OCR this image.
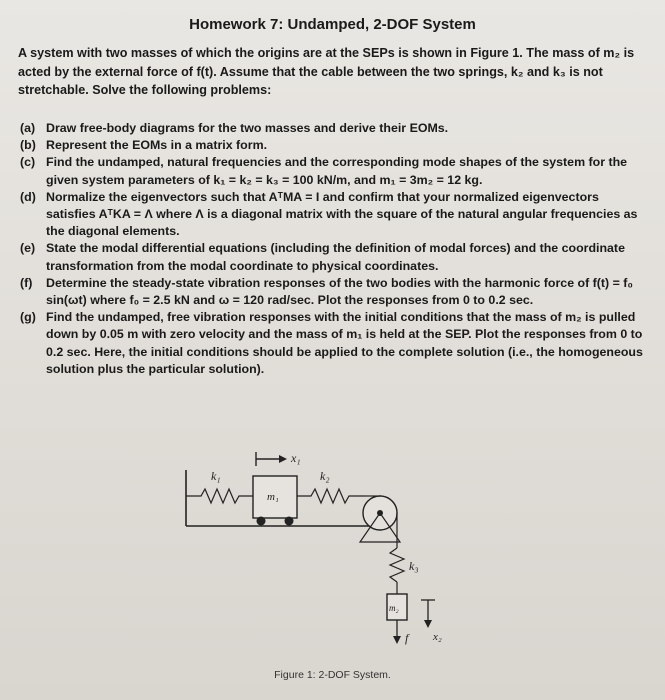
Homework 7: Undamped, 2-DOF System
A system with two masses of which the origins are at the SEPs is shown in Figure 1. The mass of m₂ is acted by the external force of f(t). Assume that the cable between the two springs, k₂ and k₃ is not stretchable. Solve the following problems:
(a) Draw free-body diagrams for the two masses and derive their EOMs.
(b) Represent the EOMs in a matrix form.
(c) Find the undamped, natural frequencies and the corresponding mode shapes of the system for the given system parameters of k₁ = k₂ = k₃ = 100 kN/m, and m₁ = 3m₂ = 12 kg.
(d) Normalize the eigenvectors such that AᵀMA = I and confirm that your normalized eigenvectors satisfies AᵀKA = Λ where Λ is a diagonal matrix with the square of the natural angular frequencies as the diagonal elements.
(e) State the modal differential equations (including the definition of modal forces) and the coordinate transformation from the modal coordinate to physical coordinates.
(f) Determine the steady-state vibration responses of the two bodies with the harmonic force of f(t) = f₀ sin(ωt) where f₀ = 2.5 kN and ω = 120 rad/sec. Plot the responses from 0 to 0.2 sec.
(g) Find the undamped, free vibration responses with the initial conditions that the mass of m₂ is pulled down by 0.05 m with zero velocity and the mass of m₁ is held at the SEP. Plot the responses from 0 to 0.2 sec. Here, the initial conditions should be applied to the complete solution (i.e., the homogeneous solution plus the particular solution).
x₁
k₁
m₁
k₂
k₃
m₂
f x₂
Figure 1: 2-DOF System.
